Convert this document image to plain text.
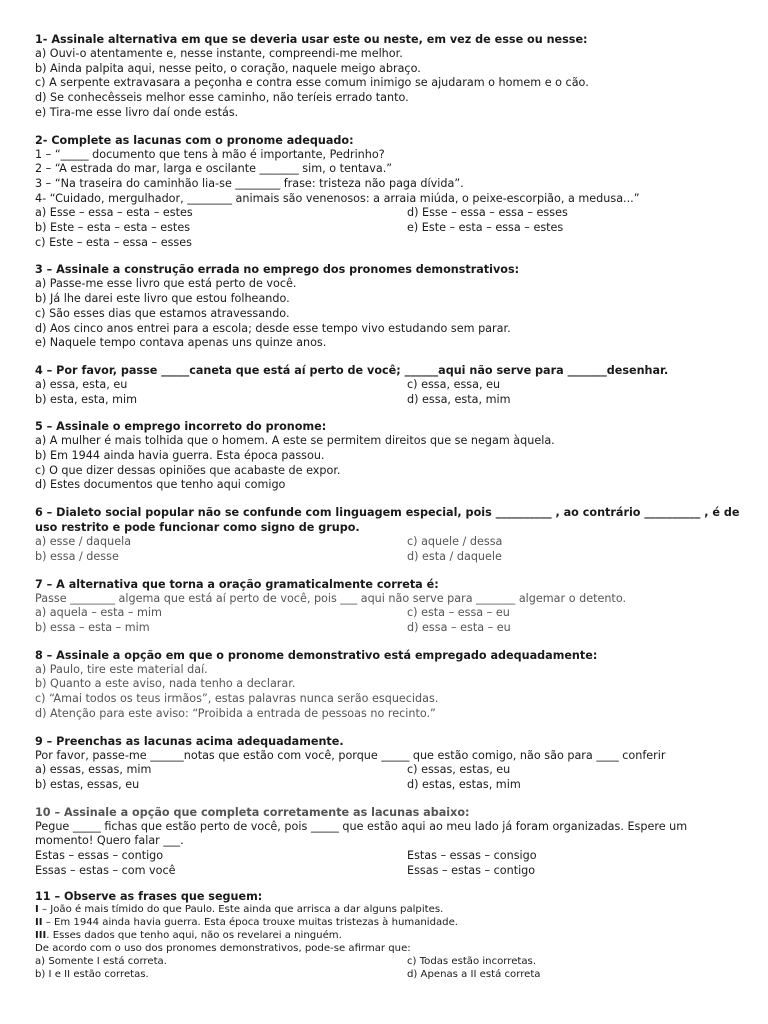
1- Assinale alternativa em que se deveria usar este ou neste, em vez de esse ou nesse:
a) Ouvi-o atentamente e, nesse instante, compreendi-me melhor.
b) Ainda palpita aqui, nesse peito, o coração, naquele meigo abraço.
c) A serpente extravasara a peçonha e contra esse comum inimigo se ajudaram o homem e o cão.
d) Se conhecêsseis melhor esse caminho, não teríeis errado tanto.
e) Tira-me esse livro daí onde estás.
2- Complete as lacunas com o pronome adequado:
1 – “_____ documento que tens à mão é importante, Pedrinho?
2 – “A estrada do mar, larga e oscilante _______ sim, o tentava.”
3 – “Na traseira do caminhão lia-se ________ frase: tristeza não paga dívida”.
4- “Cuidado, mergulhador, ________ animais são venenosos: a arraia miúda, o peixe-escorpião, a medusa...”
a) Esse – essa – esta – estes	d) Esse – essa – essa – esses
b) Este – esta – esta – estes	e) Este – esta – essa – estes
c) Este – esta – essa – esses
3 – Assinale a construção errada no emprego dos pronomes demonstrativos:
a) Passe-me esse livro que está perto de você.
b) Já lhe darei este livro que estou folheando.
c) São esses dias que estamos atravessando.
d) Aos cinco anos entrei para a escola; desde esse tempo vivo estudando sem parar.
e) Naquele tempo contava apenas uns quinze anos.
4 – Por favor, passe _____caneta que está aí perto de você; ______aqui não serve para _______desenhar.
a) essa, esta, eu	c) essa, essa, eu
b) esta, esta, mim	d) essa, esta, mim
5 – Assinale o emprego incorreto do pronome:
a) A mulher é mais tolhida que o homem. A este se permitem direitos que se negam àquela.
b) Em 1944 ainda havia guerra. Esta época passou.
c) O que dizer dessas opiniões que acabaste de expor.
d) Estes documentos que tenho aqui comigo
6 – Dialeto social popular não se confunde com linguagem especial, pois __________ , ao contrário __________ , é de uso restrito e pode funcionar como signo de grupo.
a) esse / daquela	c) aquele / dessa
b) essa / desse	d) esta / daquele
7 – A alternativa que torna a oração gramaticalmente correta é:
Passe ________ algema que está aí perto de você, pois ___ aqui não serve para _______ algemar o detento.
a) aquela – esta – mim	c) esta – essa – eu
b) essa – esta – mim	d) essa – esta – eu
8 – Assinale a opção em que o pronome demonstrativo está empregado adequadamente:
a) Paulo, tire este material daí.
b) Quanto a este aviso, nada tenho a declarar.
c) “Amai todos os teus irmãos”, estas palavras nunca serão esquecidas.
d) Atenção para este aviso: “Proibida a entrada de pessoas no recinto.”
9 – Preenchas as lacunas acima adequadamente.
Por favor, passe-me ______notas que estão com você, porque _____ que estão comigo, não são para ____ conferir
a) essas, essas, mim	c) essas, estas, eu
b) estas, essas, eu	d) estas, estas, mim
10 – Assinale a opção que completa corretamente as lacunas abaixo:
Pegue _____ fichas que estão perto de você, pois _____ que estão aqui ao meu lado já foram organizadas. Espere um momento! Quero falar ___.
Estas – essas – contigo	Estas – essas – consigo
Essas – estas – com você	Essas – estas – contigo
11 – Observe as frases que seguem:
I – João é mais tímido do que Paulo. Este ainda que arrisca a dar alguns palpites.
II – Em 1944 ainda havia guerra. Esta época trouxe muitas tristezas à humanidade.
III. Esses dados que tenho aqui, não os revelarei a ninguém.
De acordo com o uso dos pronomes demonstrativos, pode-se afirmar que:
a) Somente I está correta.	c) Todas estão incorretas.
b) I e II estão corretas.	d) Apenas a II está correta
